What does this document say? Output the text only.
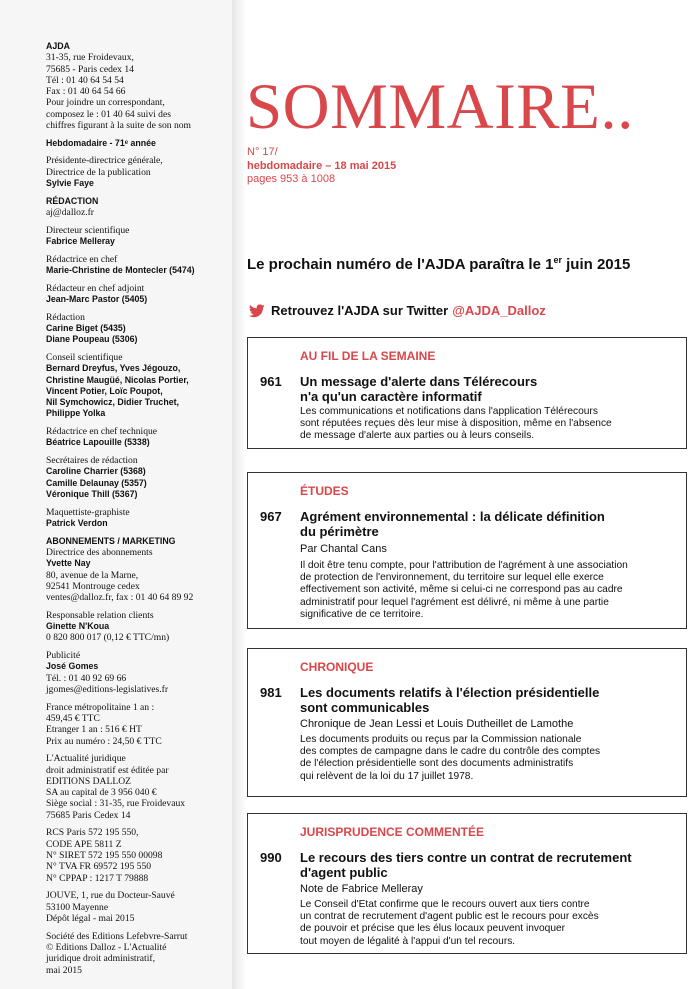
AJDA
31-35, rue Froidevaux,
75685 - Paris cedex 14
Tél : 01 40 64 54 54
Fax : 01 40 64 54 66
Pour joindre un correspondant,
composez le : 01 40 64 suivi des
chiffres figurant à la suite de son nom
Hebdomadaire - 71ᵉ année
Présidente-directrice générale,
Directrice de la publication
Sylvie Faye
RÉDACTION
aj@dalloz.fr
Directeur scientifique
Fabrice Melleray
Rédactrice en chef
Marie-Christine de Montecler (5474)
Rédacteur en chef adjoint
Jean-Marc Pastor (5405)
Rédaction
Carine Biget (5435)
Diane Poupeau (5306)
Conseil scientifique
Bernard Dreyfus, Yves Jégouzo,
Christine Maugüé, Nicolas Portier,
Vincent Potier, Loïc Poupot,
Nil Symchowicz, Didier Truchet,
Philippe Yolka
Rédactrice en chef technique
Béatrice Lapouille (5338)
Secrétaires de rédaction
Caroline Charrier (5368)
Camille Delaunay (5357)
Véronique Thill (5367)
Maquettiste-graphiste
Patrick Verdon
ABONNEMENTS / MARKETING
Directrice des abonnements
Yvette Nay
80, avenue de la Marne,
92541 Montrouge cedex
ventes@dalloz.fr, fax : 01 40 64 89 92
Responsable relation clients
Ginette N'Koua
0 820 800 017 (0,12 € TTC/mn)
Publicité
José Gomes
Tél. : 01 40 92 69 66
jgomes@editions-legislatives.fr
France métropolitaine 1 an :
459,45 € TTC
Etranger 1 an : 516 € HT
Prix au numéro : 24,50 € TTC
L'Actualité juridique
droit administratif est éditée par
EDITIONS DALLOZ
SA au capital de 3 956 040 €
Siège social : 31-35, rue Froidevaux
75685 Paris Cedex 14
RCS Paris 572 195 550,
CODE APE 5811 Z
N° SIRET 572 195 550 00098
N° TVA FR 69572 195 550
N° CPPAP : 1217 T 79888
JOUVE, 1, rue du Docteur-Sauvé
53100 Mayenne
Dépôt légal - mai 2015
Société des Editions Lefebvre-Sarrut
© Editions Dalloz - L'Actualité
juridique droit administratif,
mai 2015
SOMMAIRE..
N° 17/
hebdomadaire – 18 mai 2015
pages 953 à 1008
Le prochain numéro de l'AJDA paraîtra le 1er juin 2015
Retrouvez l'AJDA sur Twitter @AJDA_Dalloz
AU FIL DE LA SEMAINE
961 Un message d'alerte dans Télérecours
n'a qu'un caractère informatif
Les communications et notifications dans l'application Télérecours
sont réputées reçues dès leur mise à disposition, même en l'absence
de message d'alerte aux parties ou à leurs conseils.
ÉTUDES
967 Agrément environnemental : la délicate définition
du périmètre
Par Chantal Cans
Il doit être tenu compte, pour l'attribution de l'agrément à une association
de protection de l'environnement, du territoire sur lequel elle exerce
effectivement son activité, même si celui-ci ne correspond pas au cadre
administratif pour lequel l'agrément est délivré, ni même à une partie
significative de ce territoire.
CHRONIQUE
981 Les documents relatifs à l'élection présidentielle
sont communicables
Chronique de Jean Lessi et Louis Dutheillet de Lamothe
Les documents produits ou reçus par la Commission nationale
des comptes de campagne dans le cadre du contrôle des comptes
de l'élection présidentielle sont des documents administratifs
qui relèvent de la loi du 17 juillet 1978.
JURISPRUDENCE COMMENTÉE
990 Le recours des tiers contre un contrat de recrutement
d'agent public
Note de Fabrice Melleray
Le Conseil d'Etat confirme que le recours ouvert aux tiers contre
un contrat de recrutement d'agent public est le recours pour excès
de pouvoir et précise que les élus locaux peuvent invoquer
tout moyen de légalité à l'appui d'un tel recours.
